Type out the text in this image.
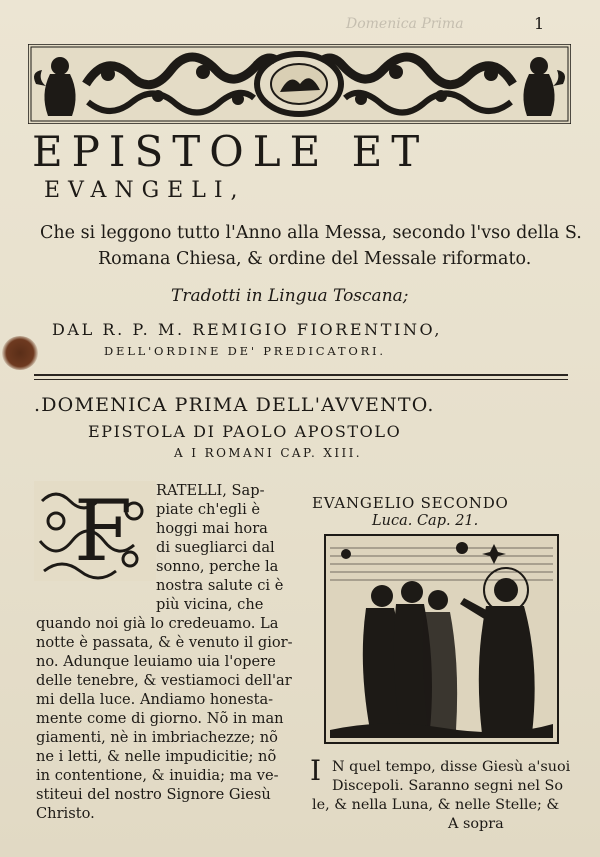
Domenica Prima	1
EPISTOLE ET
EVANGELI,
Che si leggono tutto l'Anno alla Messa, secondo l'vso della S.
Romana Chiesa, & ordine del Messale riformato.
Tradotti in Lingua Toscana;
DAL R. P. M. REMIGIO FIORENTINO,
DELL'ORDINE DE' PREDICATORI.
.DOMENICA PRIMA DELL'AVVENTO.
EPISTOLA DI PAOLO APOSTOLO
A I ROMANI CAP. XIII.
F RATELLI, Sap-
piate ch'egli è
hoggi mai hora
di suegliarci dal
sonno, perche la
nostra salute ci è
più vicina, che
quando noi già lo credeuamo. La
notte è passata, & è venuto il gior-
no. Adunque leuiamo uia l'opere
delle tenebre, & vestiamoci dell'ar
mi della luce. Andiamo honesta-
mente come di giorno. Nõ in man
giamenti, nè in imbriachezze; nõ
ne i letti, & nelle impudicitie; nõ
in contentione, & inuidia; ma ve-
stiteui del nostro Signore Giesù
Christo.
EVANGELIO SECONDO
Luca. Cap. 21.
I N quel tempo, disse Giesù a'suoi
Discepoli. Saranno segni nel So
le, & nella Luna, & nelle Stelle; &
A sopra
